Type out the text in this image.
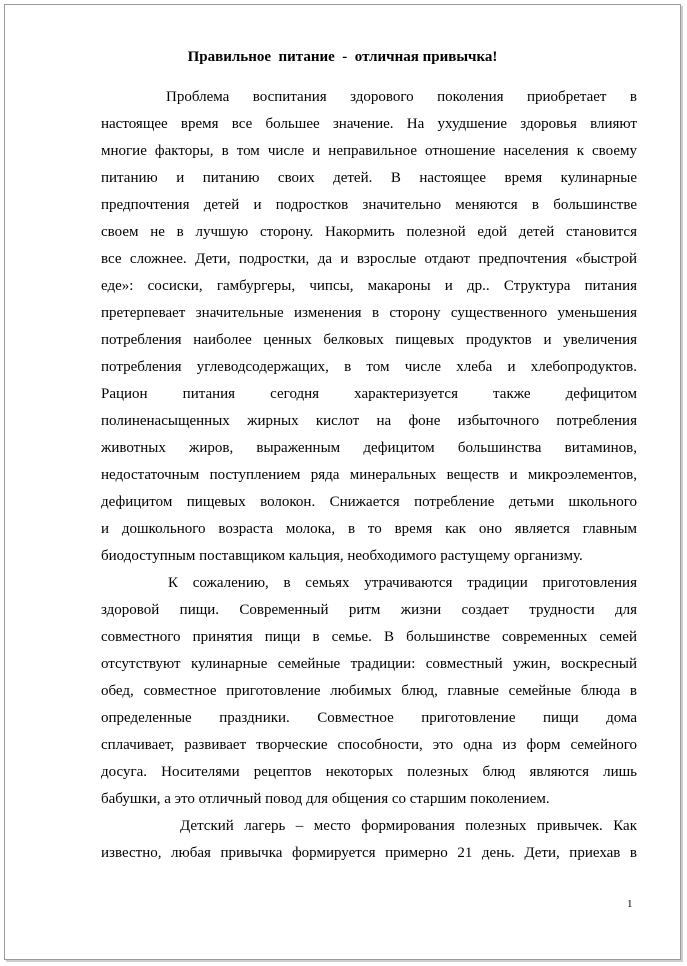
Правильное  питание  -  отличная привычка!
Проблема воспитания здорового поколения приобретает в
настоящее время все большее значение. На ухудшение здоровья влияют
многие факторы, в том числе и неправильное отношение населения к своему
питанию и питанию своих детей. В настоящее время кулинарные
предпочтения детей и подростков значительно меняются в большинстве
своем не в лучшую сторону. Накормить полезной едой детей становится
все сложнее. Дети, подростки, да и взрослые отдают предпочтения «быстрой
еде»: сосиски, гамбургеры, чипсы, макароны и др.. Структура питания
претерпевает значительные изменения в сторону существенного уменьшения
потребления наиболее ценных белковых пищевых продуктов и увеличения
потребления углеводсодержащих, в том числе хлеба и хлебопродуктов.
Рацион питания сегодня характеризуется также дефицитом
полиненасыщенных жирных кислот на фоне избыточного потребления
животных жиров, выраженным дефицитом большинства витаминов,
недостаточным поступлением ряда минеральных веществ и микроэлементов,
дефицитом пищевых волокон. Снижается потребление детьми школьного
и дошкольного возраста молока, в то время как оно является главным
биодоступным поставщиком кальция, необходимого растущему организму.
К сожалению, в семьях утрачиваются традиции приготовления
здоровой пищи. Современный ритм жизни создает трудности для
совместного принятия пищи в семье. В большинстве современных семей
отсутствуют кулинарные семейные традиции: совместный ужин, воскресный
обед, совместное приготовление любимых блюд, главные семейные блюда в
определенные праздники. Совместное приготовление пищи дома
сплачивает, развивает творческие способности, это одна из форм семейного
досуга. Носителями рецептов некоторых полезных блюд являются лишь
бабушки, а это отличный повод для общения со старшим поколением.
Детский лагерь – место формирования полезных привычек. Как
известно, любая привычка формируется примерно 21 день. Дети, приехав в
1
